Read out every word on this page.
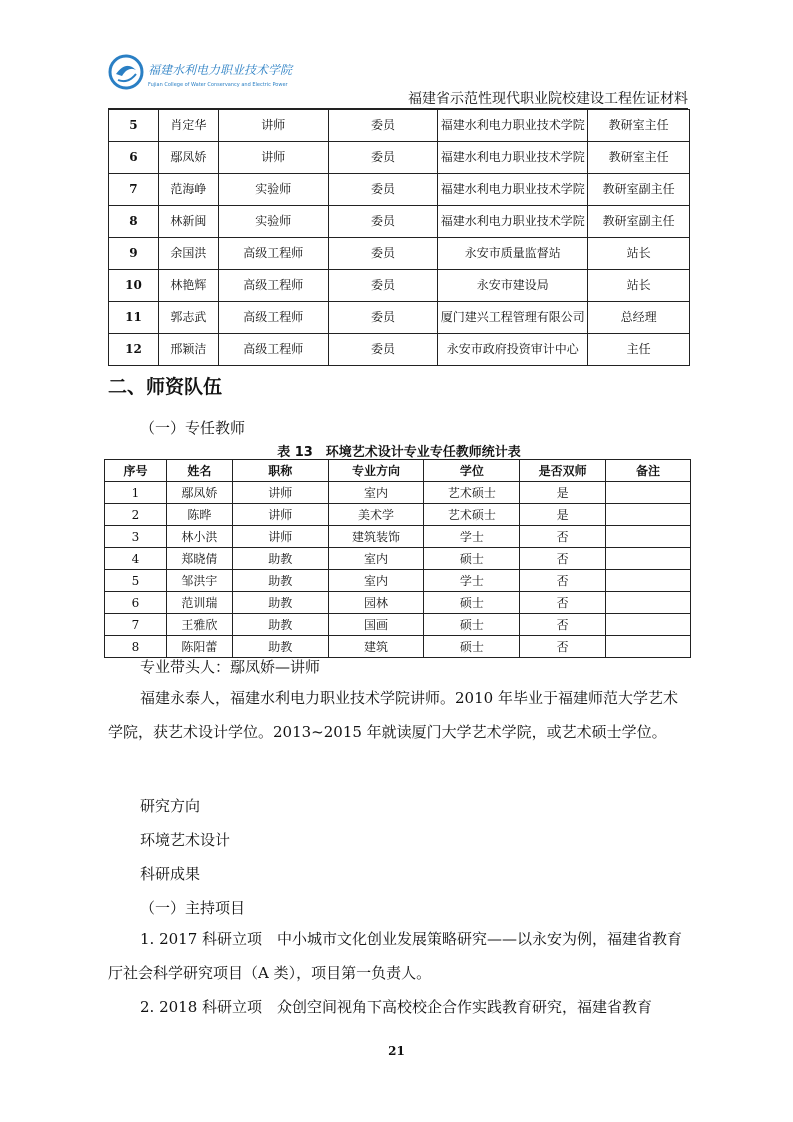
福建水利电力职业技术学院
Fujian College of Water Conservancy and Electric Power
福建省示范性现代职业院校建设工程佐证材料
5	肖定华	讲师	委员	福建水利电力职业技术学院	教研室主任
6	鄢凤娇	讲师	委员	福建水利电力职业技术学院	教研室主任
7	范海峥	实验师	委员	福建水利电力职业技术学院	教研室副主任
8	林新闽	实验师	委员	福建水利电力职业技术学院	教研室副主任
9	余国洪	高级工程师	委员	永安市质量监督站	站长
10	林艳辉	高级工程师	委员	永安市建设局	站长
11	郭志武	高级工程师	委员	厦门建兴工程管理有限公司	总经理
12	邢颖洁	高级工程师	委员	永安市政府投资审计中心	主任
二、师资队伍
（一）专任教师
表 13　环境艺术设计专业专任教师统计表
序号	姓名	职称	专业方向	学位	是否双师	备注
1	鄢凤娇	讲师	室内	艺术硕士	是	
2	陈晔	讲师	美术学	艺术硕士	是	
3	林小洪	讲师	建筑装饰	学士	否	
4	郑晓倩	助教	室内	硕士	否	
5	邹洪宇	助教	室内	学士	否	
6	范训瑞	助教	园林	硕士	否	
7	王雅欣	助教	国画	硕士	否	
8	陈阳蕾	助教	建筑	硕士	否	
专业带头人：鄢凤娇—讲师

福建永泰人，福建水利电力职业技术学院讲师。2010 年毕业于福建师范大学艺术学院，获艺术设计学位。2013~2015 年就读厦门大学艺术学院，或艺术硕士学位。

研究方向
环境艺术设计
科研成果
（一）主持项目

1. 2017 科研立项　中小城市文化创业发展策略研究——以永安为例，福建省教育厅社会科学研究项目（A 类），项目第一负责人。

2. 2018 科研立项　众创空间视角下高校校企合作实践教育研究，福建省教育

21
